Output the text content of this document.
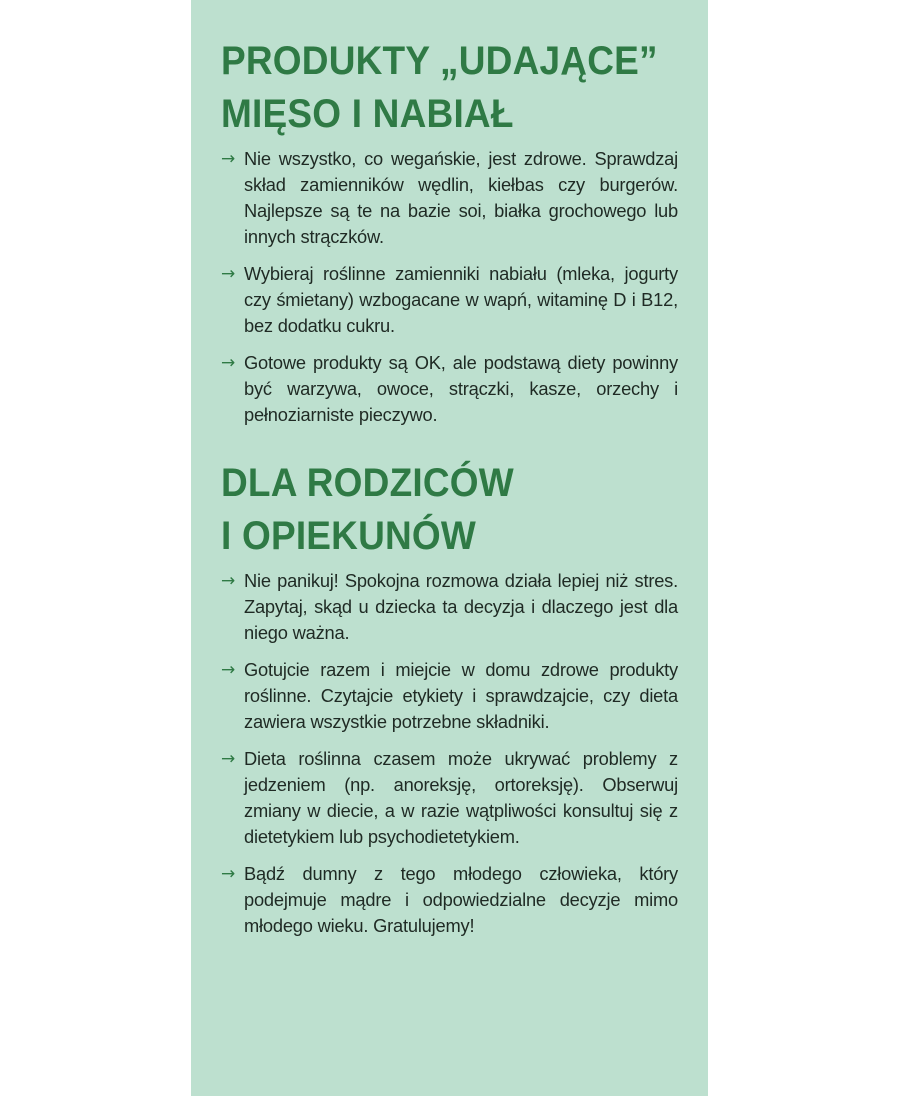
PRODUKTY „UDAJĄCE”
MIĘSO I NABIAŁ
→ Nie wszystko, co wegańskie, jest zdrowe. Sprawdzaj skład zamienników wędlin, kiełbas czy burgerów. Najlepsze są te na bazie soi, białka grochowego lub innych strączków.
→ Wybieraj roślinne zamienniki nabiału (mleka, jogurty czy śmietany) wzbogacane w wapń, witaminę D i B12, bez dodatku cukru.
→ Gotowe produkty są OK, ale podstawą diety powinny być warzywa, owoce, strączki, kasze, orzechy i pełnoziarniste pieczywo.
DLA RODZICÓW
I OPIEKUNÓW
→ Nie panikuj! Spokojna rozmowa działa lepiej niż stres. Zapytaj, skąd u dziecka ta decyzja i dlaczego jest dla niego ważna.
→ Gotujcie razem i miejcie w domu zdrowe produkty roślinne. Czytajcie etykiety i sprawdzajcie, czy dieta zawiera wszystkie potrzebne składniki.
→ Dieta roślinna czasem może ukrywać problemy z jedzeniem (np. anoreksję, ortoreksję). Obserwuj zmiany w diecie, a w razie wątpliwości konsultuj się z dietetykiem lub psychodietetykiem.
→ Bądź dumny z tego młodego człowieka, który podejmuje mądre i odpowiedzialne decyzje mimo młodego wieku. Gratulujemy!
